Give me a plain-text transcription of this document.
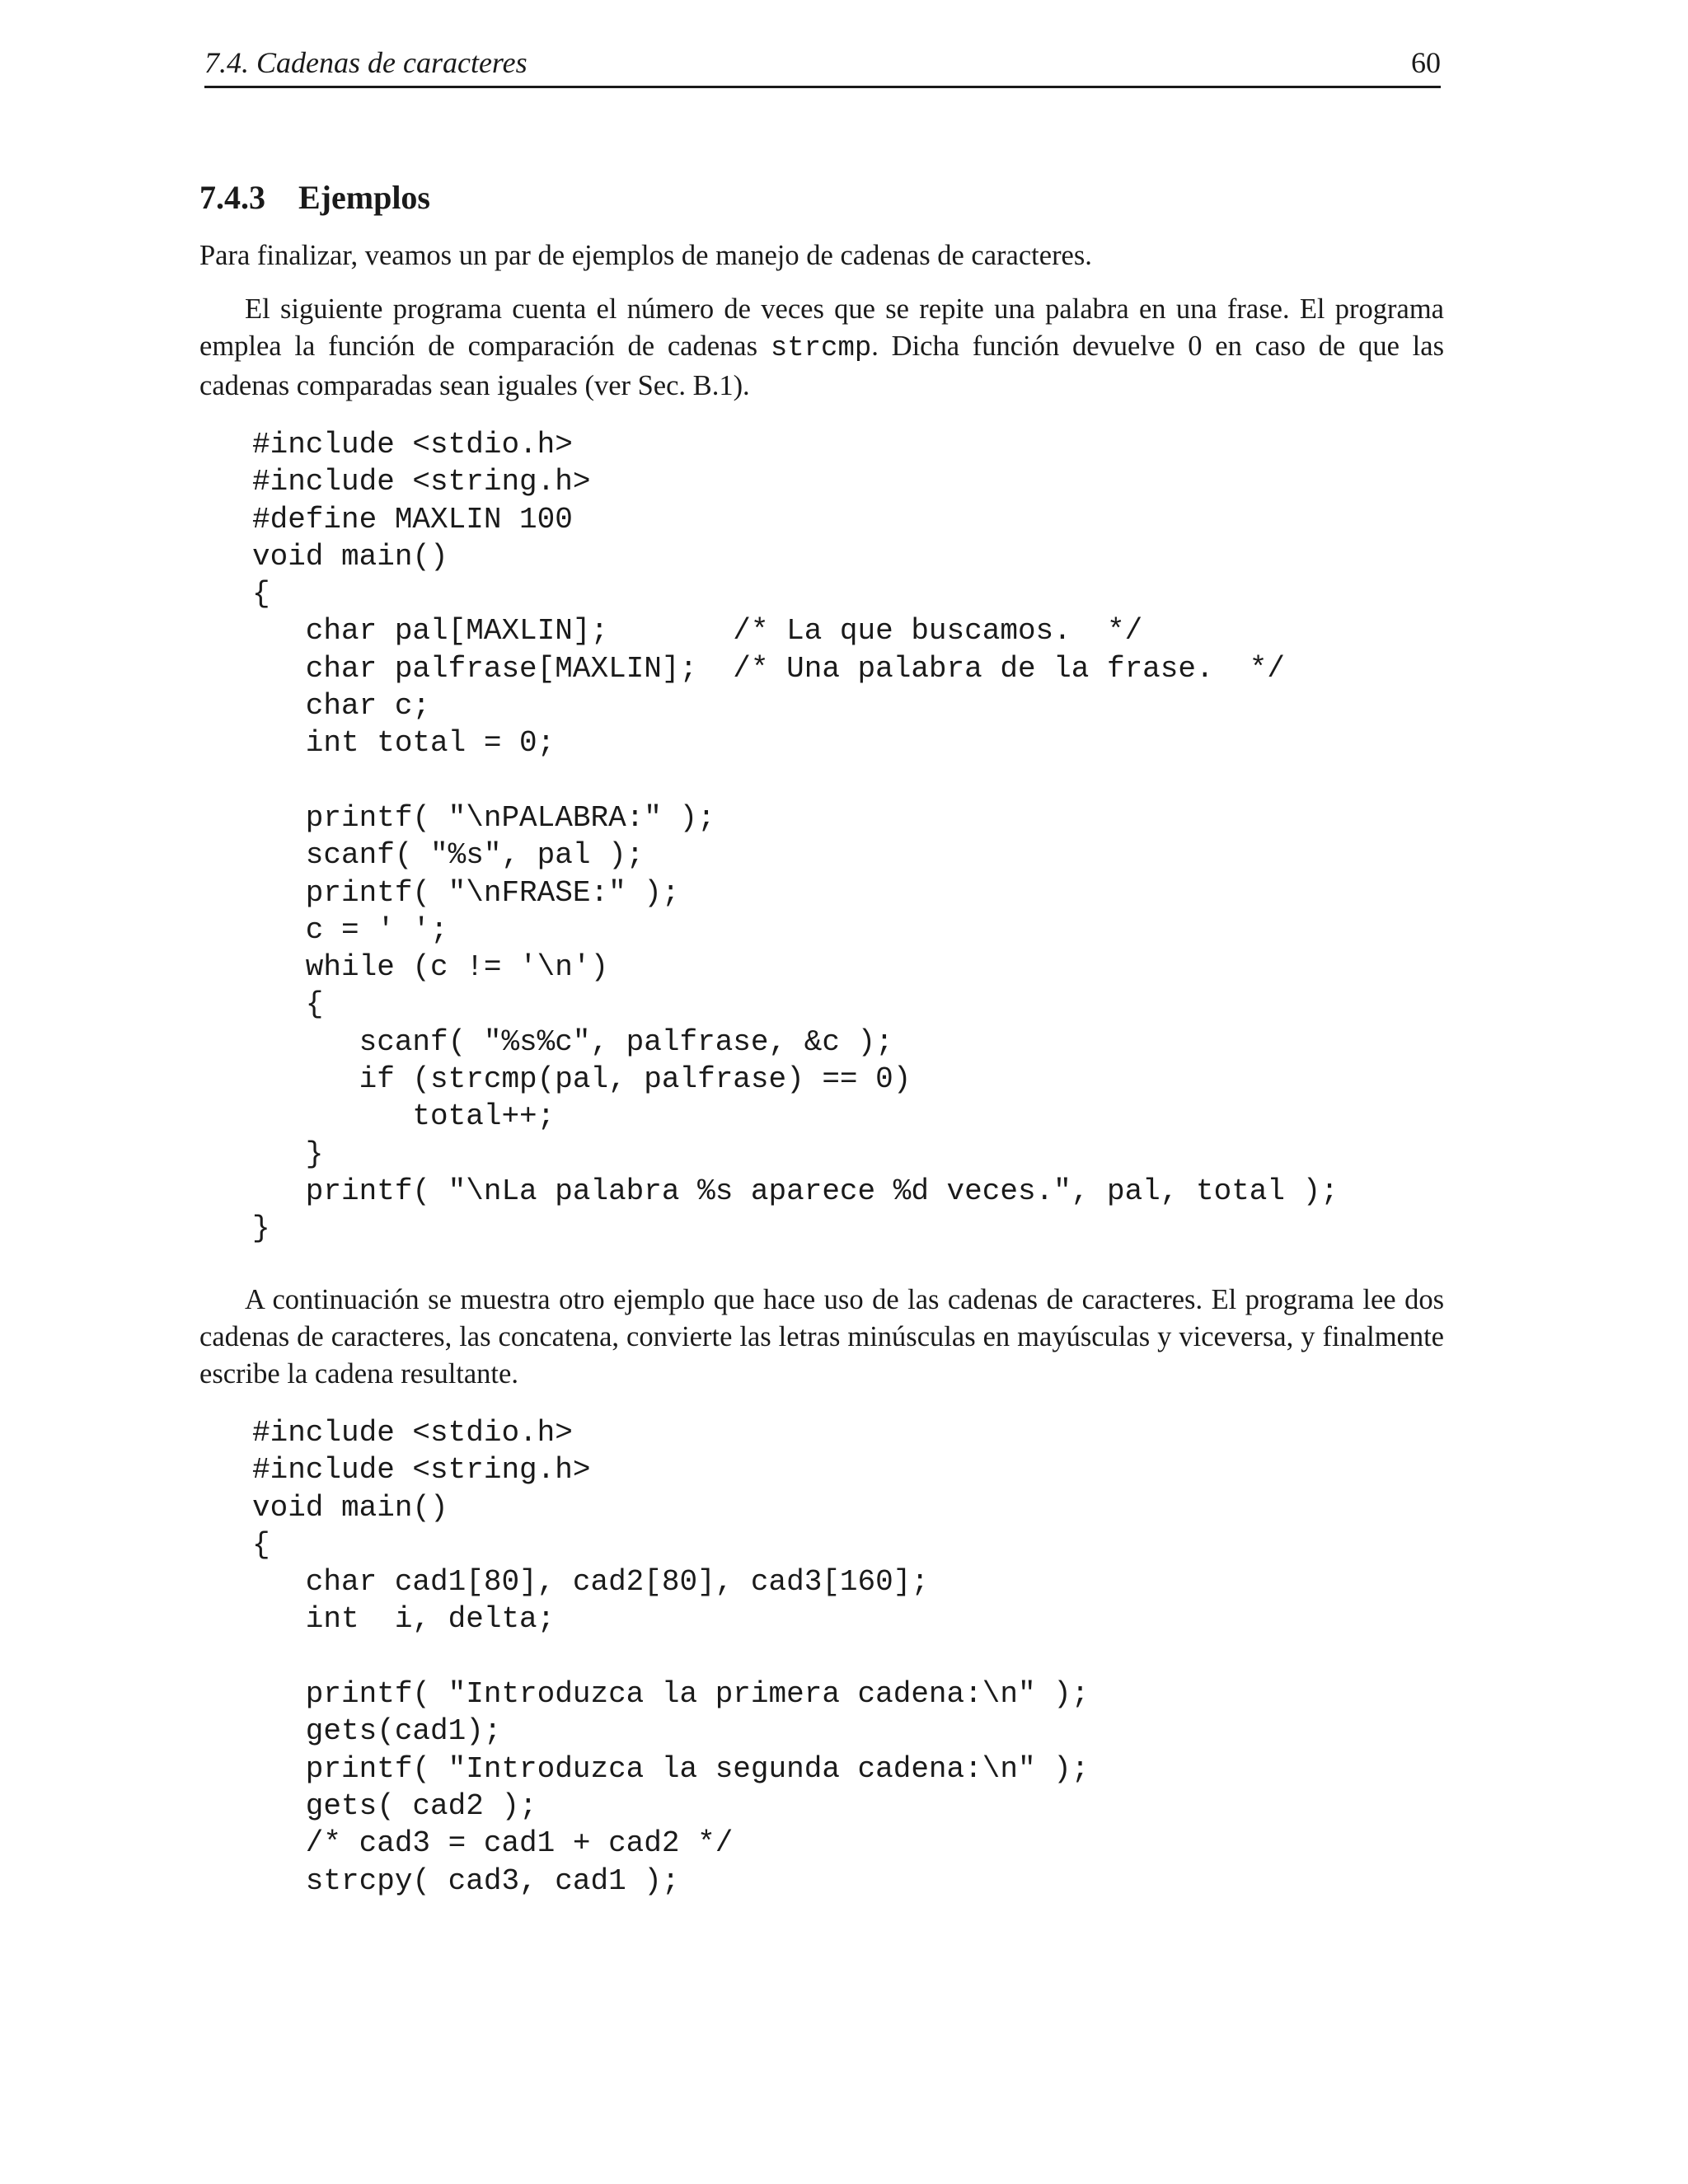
7.4. Cadenas de caracteres	60
7.4.3 Ejemplos

Para finalizar, veamos un par de ejemplos de manejo de cadenas de caracteres.

El siguiente programa cuenta el número de veces que se repite una palabra en una frase. El programa emplea la función de comparación de cadenas strcmp. Dicha función devuelve 0 en caso de que las cadenas comparadas sean iguales (ver Sec. B.1).

#include <stdio.h>
#include <string.h>
#define MAXLIN 100
void main()
{
char pal[MAXLIN];       /* La que buscamos.  */
char palfrase[MAXLIN];  /* Una palabra de la frase.  */
char c;
int total = 0;
printf( "\nPALABRA:" );
scanf( "%s", pal );
printf( "\nFRASE:" );
c = ' ';
while (c != '\n')
{
scanf( "%s%c", palfrase, &c );
if (strcmp(pal, palfrase) == 0)
total++;
}
printf( "\nLa palabra %s aparece %d veces.", pal, total );
}

A continuación se muestra otro ejemplo que hace uso de las cadenas de caracteres. El programa lee dos cadenas de caracteres, las concatena, convierte las letras minúsculas en mayúsculas y viceversa, y finalmente escribe la cadena resultante.

#include <stdio.h>
#include <string.h>
void main()
{
char cad1[80], cad2[80], cad3[160];
int  i, delta;
printf( "Introduzca la primera cadena:\n" );
gets(cad1);
printf( "Introduzca la segunda cadena:\n" );
gets( cad2 );
/* cad3 = cad1 + cad2 */
strcpy( cad3, cad1 );
